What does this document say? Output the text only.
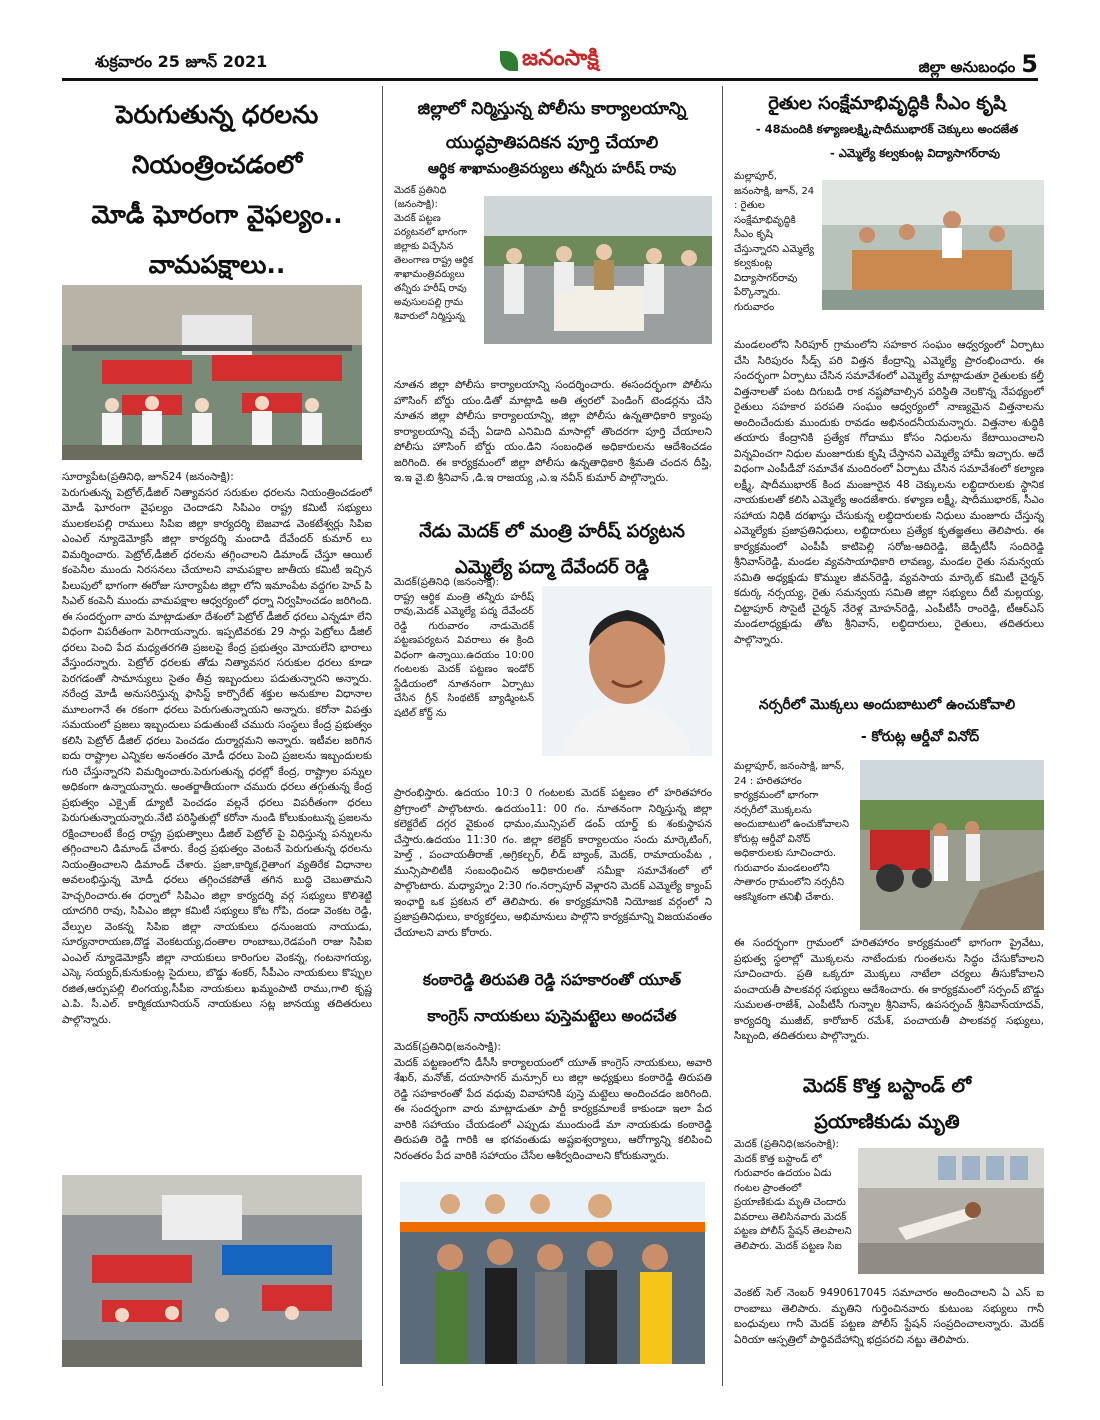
శుక్రవారం 25 జూన్ 2021	జనంసాక్షి	జిల్లా అనుబంధం 5
పెరుగుతున్న ధరలను
నియంత్రించడంలో
మోడీ ఘోరంగా వైఫల్యం..
వామపక్షాలు..
సూర్యాపేట(ప్రతినిధి, జూన్24 (జనంసాక్షి):
పెరుగుతున్న పెట్రోల్,డీజిల్ నిత్యావసర సరుకుల ధరలను నియంత్రించడంలో మోడీ ఘోరంగా వైఫల్యం చెందాడని సిపిఎం రాష్ట్ర కమిటీ సభ్యులు ములకలపల్లి రాములు సిపిఐ జిల్లా కార్యదర్శి బెజవాడ వెంకటేశ్వర్లు సిపిఐ ఎంఎల్ న్యూడెమోక్రసీ జిల్లా కార్యదర్శి మందాడి దేవేందర్ కుమార్ లు విమర్శించారు. పెట్రోల్,డీజిల్ ధరలను తగ్గించాలని డిమాండ్ చేస్తూ ఆయిల్ కంపెనీల ముందు నిరసనలు చేయాలని వామపక్షాల జాతీయ కమిటీ ఇచ్చిన పిలుపులో భాగంగా ఈరోజు సూర్యాపేట జిల్లా లోని ఇమాంపేట వద్దగల హెచ్ పి సిఎల్ కంపెనీ ముందు వామపక్షాల ఆధ్వర్యంలో ధర్నా నిర్వహించడం జరిగింది. ఈ సందర్భంగా వారు మాట్లాడుతూ దేశంలో పెట్రోల్ డీజిల్ ధరలు ఎన్నడూ లేని విధంగా విపరీతంగా పెరిగాయన్నారు. ఇప్పటివరకు 29 సార్లు పెట్రోలు డీజిల్ ధరలు పెంచి పేద మధ్యతరగతి ప్రజలపై కేంద్ర ప్రభుత్వం మోయలేని భారాలు వేస్తుందన్నారు. పెట్రోల్ ధరలకు తోడు నిత్యావసర సరుకుల ధరలు కూడా పెరగడంతో సామాన్యులు సైతం తీవ్ర ఇబ్బందులు పడుతున్నారని అన్నారు. నరేంద్ర మోడీ అనుసరిస్తున్న ఫాసిస్ట్ కార్పొరేట్ శక్తుల అనుకూల విధానాల మూలంగానే ఈ రకంగా ధరలు పెరుగుతున్నాయని అన్నారు. కరోనా విపత్తు సమయంలో ప్రజలు ఇబ్బందులు పడుతుంటే చమురు సంస్థలు కేంద్ర ప్రభుత్వం కలిసి పెట్రోల్ డీజిల్ ధరలు పెంచడం దుర్మార్గమని అన్నారు. ఇటీవల జరిగిన ఐదు రాష్ట్రాల ఎన్నికల అనంతరం మోడీ ధరలు పెంచి ప్రజలను ఇబ్బందులకు గురి చేస్తున్నారని విమర్శించారు.పెరుగుతున్న ధరల్లో కేంద్ర, రాష్ట్రాల పన్నుల అధికంగా ఉన్నాయన్నారు. అంతర్జాతీయంగా చమురు ధరలు తగ్గుతున్న కేంద్ర ప్రభుత్వం ఎక్సైజ్ డ్యూటీ పెంచడం వల్లనే ధరలు విపరీతంగా ధరలు పెరుగుతున్నాయన్నారు.నేటి పరిస్థితుల్లో కరోనా నుండి కోలుకుంటున్న ప్రజలను రక్షించాలంటే కేంద్ర రాష్ట్ర ప్రభుత్వాలు డీజిల్ పెట్రోల్ పై విధిస్తున్న పన్నులను తగ్గించాలని డిమాండ్ చేశారు. కేంద్ర ప్రభుత్వం వెంటనే పెరుగుతున్న ధరలను నియంత్రించాలని డిమాండ్ చేశారు. ప్రజా,కార్మిక,రైతాంగ వ్యతిరేక విధానాల అవలంభిస్తున్న మోడీ ధరలు తగ్గించకపోతే తగిన బుద్ధి చెబుతామని హెచ్చరించారు.ఈ ధర్నాలో సిపిఎం జిల్లా కార్యదర్శి వర్గ సభ్యులు కొలిశెట్టి యాదగిరి రావు, సిపిఎం జిల్లా కమిటీ సభ్యులు కోట గోపి, దండా వెంకట రెడ్డి, వేల్పుల వెంకన్న సిపిఐ జిల్లా నాయకులు ధనుంజయ నాయుడు, సూర్యనారాయణ,దొడ్డ వెంకటయ్య,దంతాల రాంబాబు,రెడపంగి రాజు సిపిఐ ఎంఎల్ న్యూడెమోక్రసీ జిల్లా నాయకులు కారింగుల వెంకన్న, గంటనాగయ్య, ఎస్కె సయ్యద్,కునుకుంట్ల సైదులు, బొడ్డు శంకర్, సీపీఎం నాయకులు కొప్పుల రజిత,ఆర్పుపల్లి లింగయ్య,సీపీఐ నాయకులు ఖమ్మంపాటి రాము,గాలి కృష్ణ ఎ.పి. సీ.ఎల్. కార్మికయూనియన్ నాయకులు సట్ల జానయ్య తదితరులు పాల్గొన్నారు.
జిల్లాలో నిర్మిస్తున్న పోలీసు కార్యాలయాన్ని
యుద్ధప్రాతిపదికన పూర్తి చేయాలి
ఆర్థిక శాఖామంత్రివర్యులు తన్నీరు హరీష్ రావు
మెదక్ ప్రతినిధి (జనంసాక్షి):
మెదక్ పట్టణ పర్యటనలో భాగంగా జిల్లాకు విచ్చేసిన తెలంగాణ రాష్ట్ర ఆర్థిక శాఖామంత్రివర్యులు తన్నీరు హరీష్ రావు అవుసులపల్లి గ్రామ శివారులో నిర్మిస్తున్న
నూతన జిల్లా పోలీసు కార్యాలయాన్ని సందర్శించారు. ఈసందర్భంగా పోలీసు హౌసింగ్ బోర్డు యం.డితో మాట్లాడి అతి త్వరలో పెండింగ్ టెండర్లను చేసి నూతన జిల్లా పోలీసు కార్యాలయాన్ని, జిల్లా పోలీసు ఉన్నతాధికారి క్యాంపు కార్యాలయాన్ని వచ్చే ఏడాది ఎనిమిది మాసాల్లో తొందరగా పూర్తి చేయాలని పోలీసు హౌసింగ్ బోర్డు యం.డిని సంబంధిత అధికారులను ఆదేశించడం జరిగింది. ఈ కార్యక్రమంలో జిల్లా పోలీసు ఉన్నతాధికారి శ్రీమతి చందన దీప్తి, ఇ.ఇ వై.బి శ్రీనివాస్ ,డి.ఇ రాజయ్య ,ఎ.ఇ నవీన్ కుమార్ పాల్గొన్నారు.
నేడు మెదక్ లో మంత్రి హరీష్ పర్యటన
ఎమ్మెల్యే పద్మా దేవేందర్ రెడ్డి
మెదక్(ప్రతినిధి (జనంసాక్షి):
రాష్ట్ర ఆర్థిక మంత్రి తన్నీరు హరీష్ రావు,మెదక్ ఎమ్మెల్యే పద్మ దేవేందర్ రెడ్డి గురువారం నాడుమెదక్ పట్టణపర్యటన వివరాలు ఈ క్రింది విధంగా ఉన్నాయి.ఉదయం 10:00 గంటలకు మెదక్ పట్టణం ఇండోర్ స్టేడియంలో నూతనంగా ఏర్పాటు చేసిన గ్రీన్ సింథటిక్ బ్యాడ్మింటన్ షటిల్ కోర్ట్ ను
ప్రారంభిస్తారు. ఉదయం 10:3 0 గంటలకు మెదక్ పట్టణం లో హరితహారం ప్రోగ్రాంలో పాల్గొంటారు. ఉదయం11: 00 గం. నూతనంగా నిర్మిస్తున్న జిల్లా కలెక్టరేట్ దగ్గర వైకుంఠ ధామం,మున్సిపల్ డంప్ యార్డ్ కు శంకుస్థాపన చేస్తారు.ఉదయం 11:30 గం. జిల్లా కలెక్టర్ కార్యాలయం సందు మార్కెటింగ్, హెల్త్ , పంచాయతీరాజ్ ,అగ్రికల్చర్, లీడ్ బ్యాంక్, మెదక్, రామాయంపేట , మున్సిపాలిటీకి సంబంధించిన అధికారులతో సమీక్షా సమావేశంలో లో పాల్గొంటారు. మధ్యాహ్నం 2:30 గం.నర్సాపూర్ వెళ్లారని మెదక్ ఎమ్మెల్యే క్యాంప్ ఇంఛార్జి ఒక ప్రకటన లో తెలిపారు. ఈ కార్యక్రమానికి నియోజక వర్గంలో ని ప్రజాప్రతినిధులు, కార్యకర్తలు, అభిమానులు పాల్గొని కార్యక్రమాన్ని విజయవంతం చేయాలని వారు కోరారు.
కంఠారెడ్డి తిరుపతి రెడ్డి సహకారంతో యూత్
కాంగ్రెస్ నాయకులు పుస్తెమట్టెలు అందచేత
మెదక్(ప్రతినిధి(జనంసాక్షి):
మెదక్ పట్టణంలోని డీసీసీ కార్యాలయంలో యూత్ కాంగ్రెస్ నాయకులు, అవారి శేఖర్, మనోజ్, దయాసాగర్ మన్సూర్ లు జిల్లా అధ్యక్షులు కంఠారెడ్డి తిరుపతి రెడ్డి సహకారంతో పేద వధువు వివాహానికి పుస్తె మట్టెలు అందించడం జరిగింది. ఈ సందర్భంగా వారు మాట్లాడుతూ పార్టీ కార్యక్రమాలకే కాకుండా ఇలా పేద వారికి సహాయం చేయడంలో ఎప్పుడు ముందుండే మా నాయకుడు కంఠారెడ్డి తిరుపతి రెడ్డి గారికి ఆ భగవంతుడు అష్టఐశ్వర్యాలు, ఆరోగ్యాన్ని కలిపించి నిరంతరం పేద వారికి సహాయం చేసేల ఆశీర్వదించాలని కోరుకున్నారు.
రైతుల సంక్షేమాభివృద్ధికి సీఎం కృషి
- 48మందికి కళ్యాణలక్ష్మి,షాదీముభారక్ చెక్కులు అందజేత
- ఎమ్మెల్యే కల్వకుంట్ల విద్యాసాగర్‌రావు
మల్లాపూర్, జనంసాక్షి, జూన్, 24 : రైతుల సంక్షేమాభివృద్ధికి సీఎం కృషి చేస్తున్నారని ఎమ్మెల్యే కల్వకుంట్ల విద్యాసాగర్‌రావు పేర్కొన్నారు. గురువారం
మండలంలోని సిరిపూర్ గ్రామంలోని సహకార సంఘం ఆధ్వర్యంలో ఏర్పాటు చేసి సిరిపురం సీడ్స్ పరి విత్తన కేంద్రాన్ని ఎమ్మెల్యే ప్రారంభించారు. ఈ సందర్భంగా ఏర్పాటు చేసిన సమావేశంలో ఎమ్మెల్యే మాట్లాడుతూ రైతులకు కల్తీ విత్తనాలతో పంట దిగుబడి రాక నష్టపోవాల్సిన పరిస్థితి నెలకొన్న నేపథ్యంలో రైతులు సహకార పరపతి సంఘం ఆధ్వర్యంలో నాణ్యమైన విత్తనాలను అందించేందుకు ముందుకు రావడం అభినందనీయమన్నారు. విత్తనాల శుద్ధికి తయారు కేంద్రానికి ప్రత్యేక గోదాము కోసం నిధులను కేటాయించాలని విన్నవించగా నిధుల మంజూరుకు కృషి చేస్తానని ఎమ్మెల్యే హామీ ఇచ్చారు. అదే విధంగా ఎంపీడీవో సమావేశ మందిరంలో ఏర్పాటు చేసిన సమావేశంలో కల్యాణ లక్ష్మీ, షాదీముభారక్ కింద మంజూరైన 48 చెక్కులను లబ్ధిదారులకు స్థానిక నాయకులతో కలిసి ఎమ్మెల్యే అందజేశారు. కళ్యాణ లక్ష్మీ, షాదీముభారక్, సీఎం సహాయ నిధికి దరఖాస్తు చేసుకున్న లబ్ధిదారులకు నిధులు మంజూరు చేస్తున్న ఎమ్మెల్యేకు ప్రజాప్రతినిధులు, లబ్ధిదారులు ప్రత్యేక కృతజ్ఞతలు తెలిపారు. ఈ కార్యక్రమంలో ఎంపీపీ కాటిపెల్లి సరోజ-ఆదిరెడ్డి, జెడ్పీటీసీ సందిరెడ్డి శ్రీనివాస్‌రెడ్డి, మండల వ్యవసాయాధికారి లావణ్య, మండల రైతు సమన్వయ సమితి అధ్యక్షుడు కొమ్ముల జీవన్‌రెడ్డి, వ్యవసాయ మార్కెట్ కమిటీ చైర్మన్ కదుర్క నర్సయ్య, రైతు సమన్వయ సమితి జిల్లా సభ్యులు దీటీ మల్లయ్య, చిట్టాపూర్ సొసైటీ చైర్మన్ నేరెళ్ల మోహన్‌రెడ్డి, ఎంపీటీసీ రాంరెడ్డి, టీఆర్ఎస్ మండలాధ్యక్షుడు తోట శ్రీనివాస్, లబ్ధిదారులు, రైతులు, తదితరులు పాల్గొన్నారు.
నర్సరీలో మొక్కలు అందుబాటులో ఉంచుకోవాలి
- కోరుట్ల ఆర్డీవో వినోద్
మల్లాపూర్, జనంసాక్షి, జూన్, 24 : హరితహారం కార్యక్రమంలో భాగంగా నర్సరీలో మొక్కలను అందుబాటులో ఉంచుకోవాలని కోరుట్ల ఆర్డీవో వినోద్ అధికారులకు సూచించారు. గురువారం మండలంలోని సాతారం గ్రామంలోని నర్సరీని ఆకస్మికంగా తనిఖీ చేశారు.
ఈ సందర్భంగా గ్రామంలో హరితహారం కార్యక్రమంలో భాగంగా ప్రైవేటు, ప్రభుత్వ స్థలాల్లో మొక్కలను నాటేందుకు గుంతలను సిద్ధం చేసుకోవాలని సూచించారు. ప్రతి ఒక్కరూ మొక్కలు నాటేలా చర్యలు తీసుకోవాలని పంచాయతీ పాలకవర్గ సభ్యులు ఆదేశించారు. ఈ కార్యక్రమంలో సర్పంచ్ బొడ్డు సుమలత-రాజేశ్, ఎంపీటీసీ గున్నాల శ్రీనివాస్, ఉపసర్పంచ్ శ్రీనివాస్‌యాదవ్, కార్యదర్శి ముజీబ్, కారోబార్ రమేశ్, పంచాయతీ పాలకవర్గ సభ్యులు, సిబ్బంది, తదితరులు పాల్గొన్నారు.
మెదక్ కొత్త బస్టాండ్ లో
ప్రయాణికుడు మృతి
మెదక్ (ప్రతినిధి(జనంసాక్షి):
మెదక్ కొత్త బస్టాండ్ లో గురువారం ఉదయం ఏడు గంటల ప్రాంతంలో ప్రయాణికుడు మృతి చెందారు వివరాలు తెలిసినవారు మెదక్ పట్టణ పోలీస్ స్టేషన్ తెలపాలని తెలిపారు. మెదక్ పట్టణ సిఐ
వెంకట్ సెల్ నెంబర్ 9490617045 సమాచారం అందించాలని ఏ ఎస్ ఐ రాంబాబు తెలిపారు. మృతిని గుర్తించినవారు కుటుంబ సభ్యులు గానీ బంధువులు గానీ మెదక్ పట్టణ పోలీస్ స్టేషన్ సంప్రదించాలన్నారు. మెదక్ ఏరియా ఆస్పత్రిలో పార్థివదేహాన్ని భద్రపరచి నట్టు తెలిపారు.
